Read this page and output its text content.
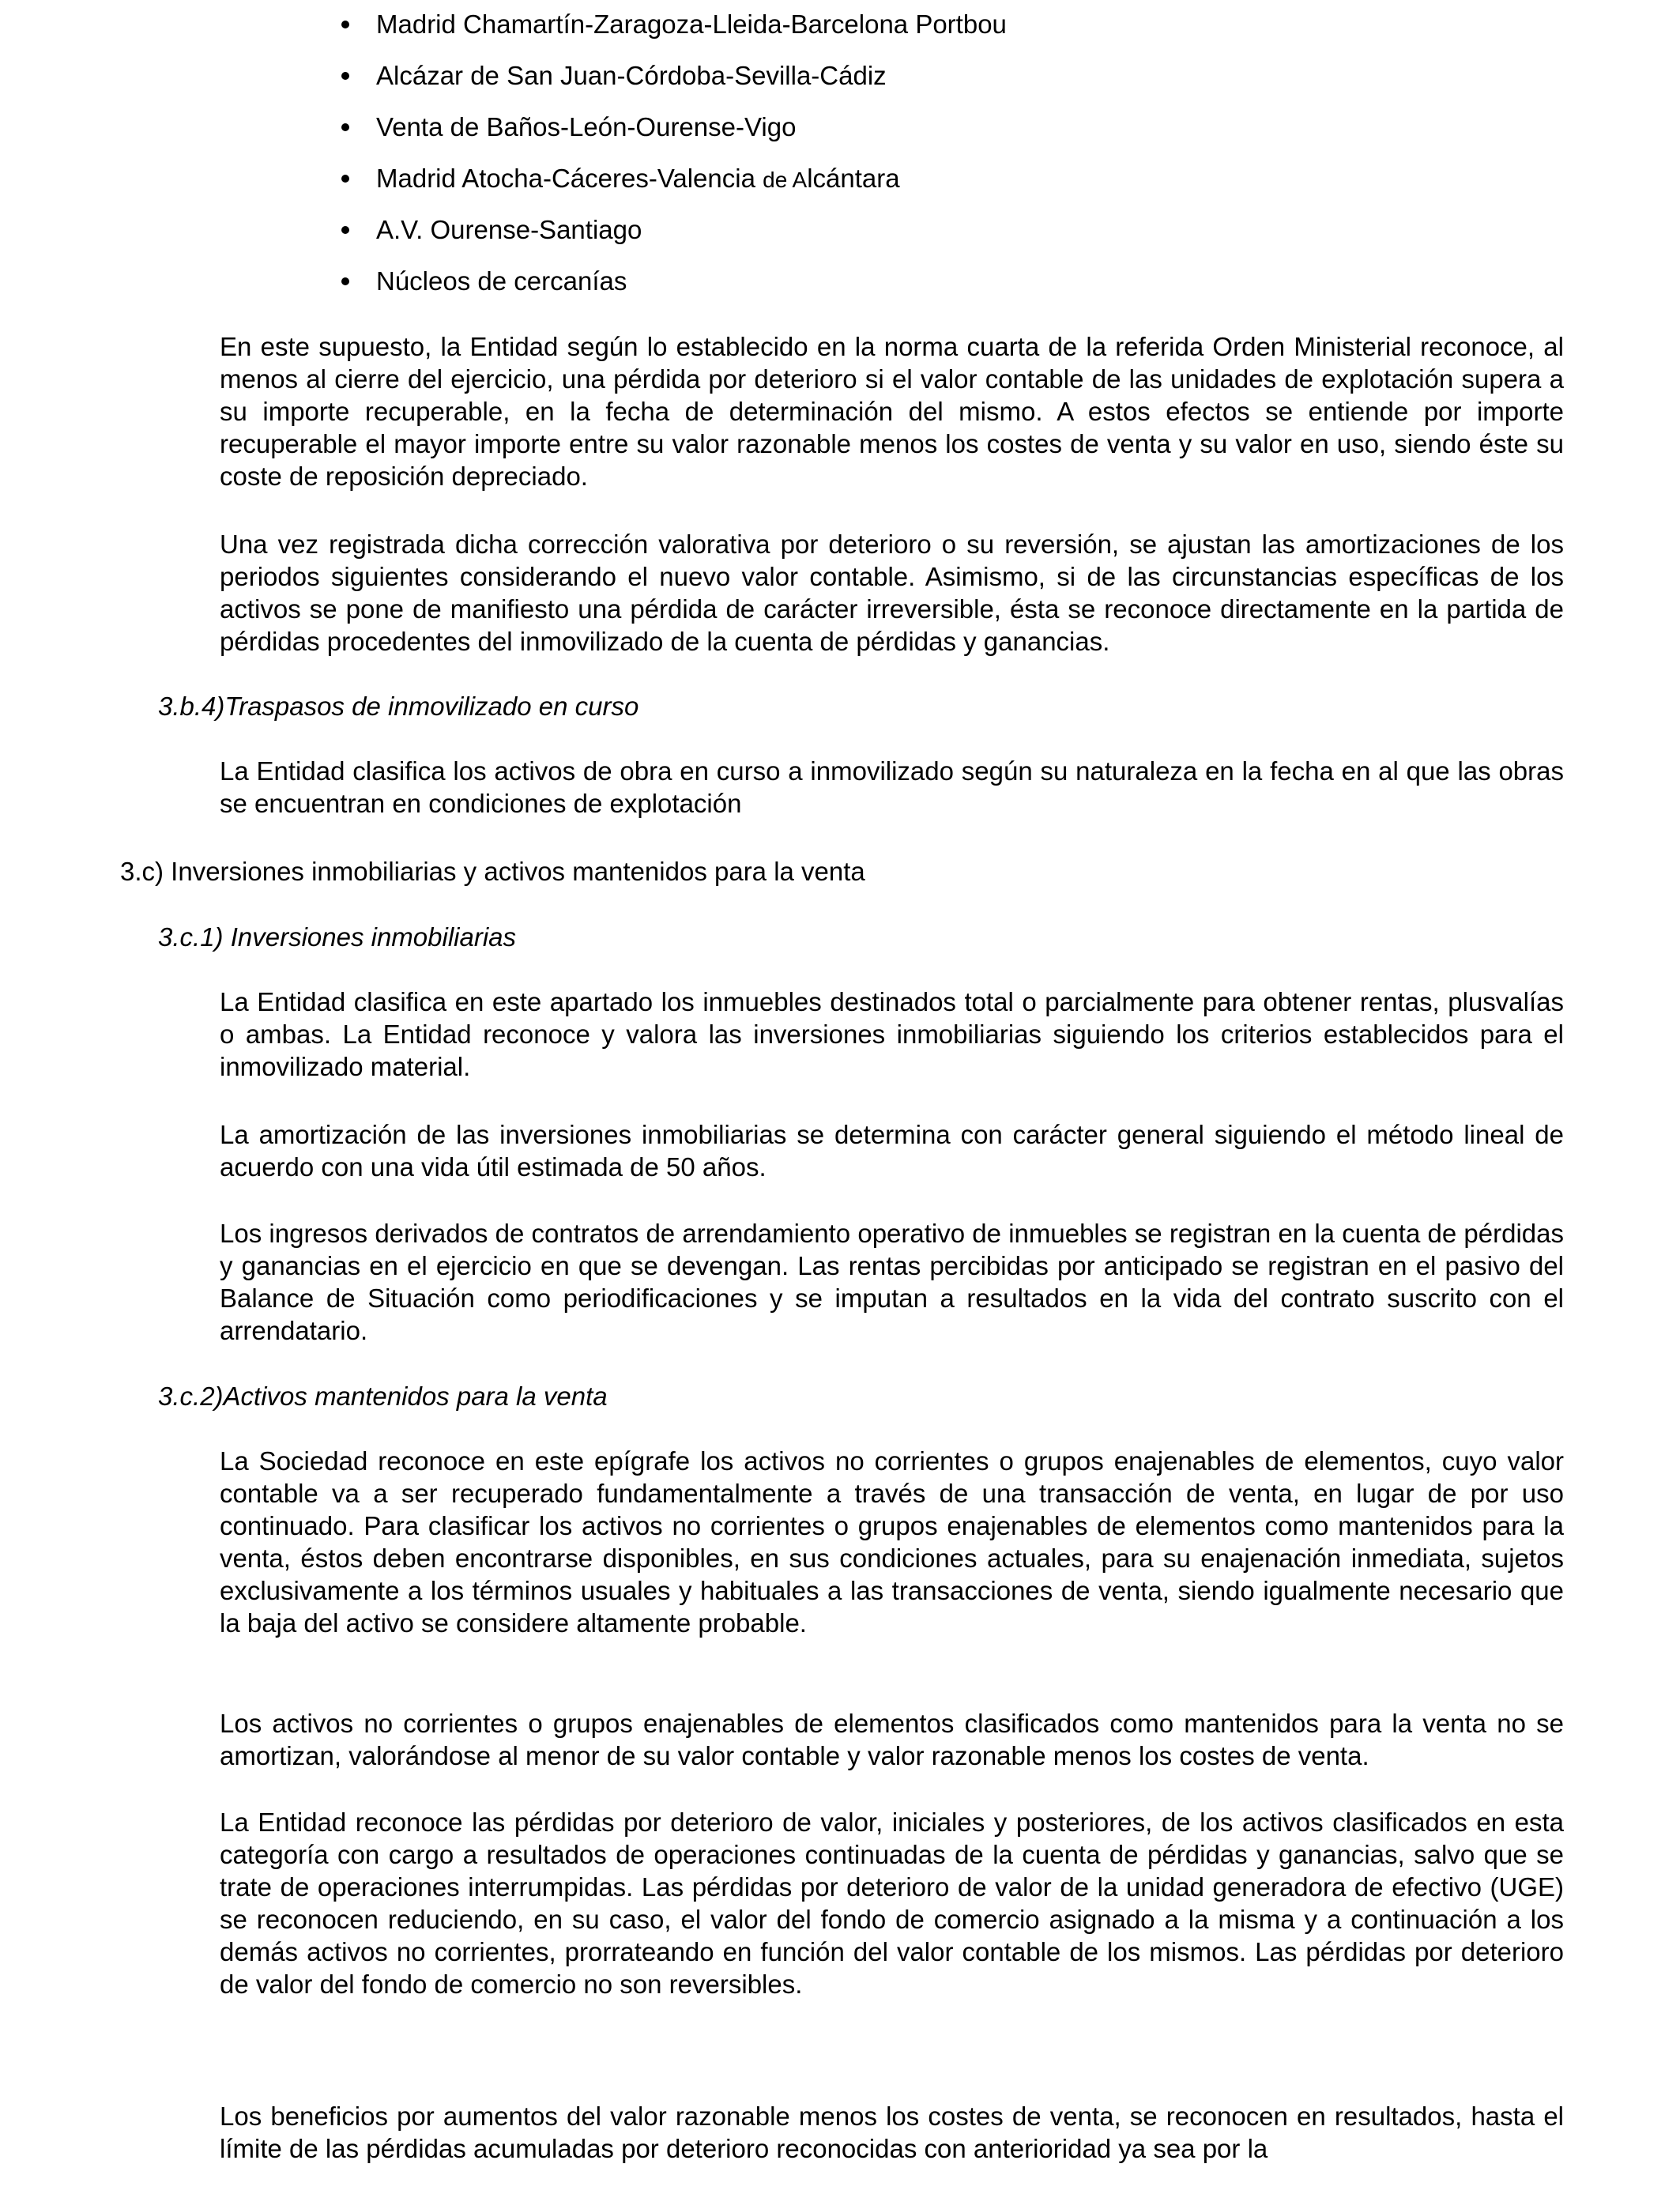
Madrid Chamartín-Zaragoza-Lleida-Barcelona Portbou
Alcázar de San Juan-Córdoba-Sevilla-Cádiz
Venta de Baños-León-Ourense-Vigo
Madrid Atocha-Cáceres-Valencia de Alcántara
A.V. Ourense-Santiago
Núcleos de cercanías

En este supuesto, la Entidad según lo establecido en la norma cuarta de la referida Orden Ministerial reconoce, al menos al cierre del ejercicio, una pérdida por deterioro si el valor contable de las unidades de explotación supera a su importe recuperable, en la fecha de determinación del mismo. A estos efectos se entiende por importe recuperable el mayor importe entre su valor razonable menos los costes de venta y su valor en uso, siendo éste su coste de reposición depreciado.

Una vez registrada dicha corrección valorativa por deterioro o su reversión, se ajustan las amortizaciones de los periodos siguientes considerando el nuevo valor contable. Asimismo, si de las circunstancias específicas de los activos se pone de manifiesto una pérdida de carácter irreversible, ésta se reconoce directamente en la partida de pérdidas procedentes del inmovilizado de la cuenta de pérdidas y ganancias.

3.b.4)Traspasos de inmovilizado en curso

La Entidad clasifica los activos de obra en curso a inmovilizado según su naturaleza en la fecha en al que las obras se encuentran en condiciones de explotación

3.c) Inversiones inmobiliarias y activos mantenidos para la venta

3.c.1) Inversiones inmobiliarias

La Entidad clasifica en este apartado los inmuebles destinados total o parcialmente para obtener rentas, plusvalías o ambas. La Entidad reconoce y valora las inversiones inmobiliarias siguiendo los criterios establecidos para el inmovilizado material.

La amortización de las inversiones inmobiliarias se determina con carácter general siguiendo el método lineal de acuerdo con una vida útil estimada de 50 años.

Los ingresos derivados de contratos de arrendamiento operativo de inmuebles se registran en la cuenta de pérdidas y ganancias en el ejercicio en que se devengan. Las rentas percibidas por anticipado se registran en el pasivo del Balance de Situación como periodificaciones y se imputan a resultados en la vida del contrato suscrito con el arrendatario.

3.c.2)Activos mantenidos para la venta

La Sociedad reconoce en este epígrafe los activos no corrientes o grupos enajenables de elementos, cuyo valor contable va a ser recuperado fundamentalmente a través de una transacción de venta, en lugar de por uso continuado. Para clasificar los activos no corrientes o grupos enajenables de elementos como mantenidos para la venta, éstos deben encontrarse disponibles, en sus condiciones actuales, para su enajenación inmediata, sujetos exclusivamente a los términos usuales y habituales a las transacciones de venta, siendo igualmente necesario que la baja del activo se considere altamente probable.

Los activos no corrientes o grupos enajenables de elementos clasificados como mantenidos para la venta no se amortizan, valorándose al menor de su valor contable y valor razonable menos los costes de venta.

La Entidad reconoce las pérdidas por deterioro de valor, iniciales y posteriores, de los activos clasificados en esta categoría con cargo a resultados de operaciones continuadas de la cuenta de pérdidas y ganancias, salvo que se trate de operaciones interrumpidas. Las pérdidas por deterioro de valor de la unidad generadora de efectivo (UGE) se reconocen reduciendo, en su caso, el valor del fondo de comercio asignado a la misma y a continuación a los demás activos no corrientes, prorrateando en función del valor contable de los mismos. Las pérdidas por deterioro de valor del fondo de comercio no son reversibles.

Los beneficios por aumentos del valor razonable menos los costes de venta, se reconocen en resultados, hasta el límite de las pérdidas acumuladas por deterioro reconocidas con anterioridad ya sea por la
